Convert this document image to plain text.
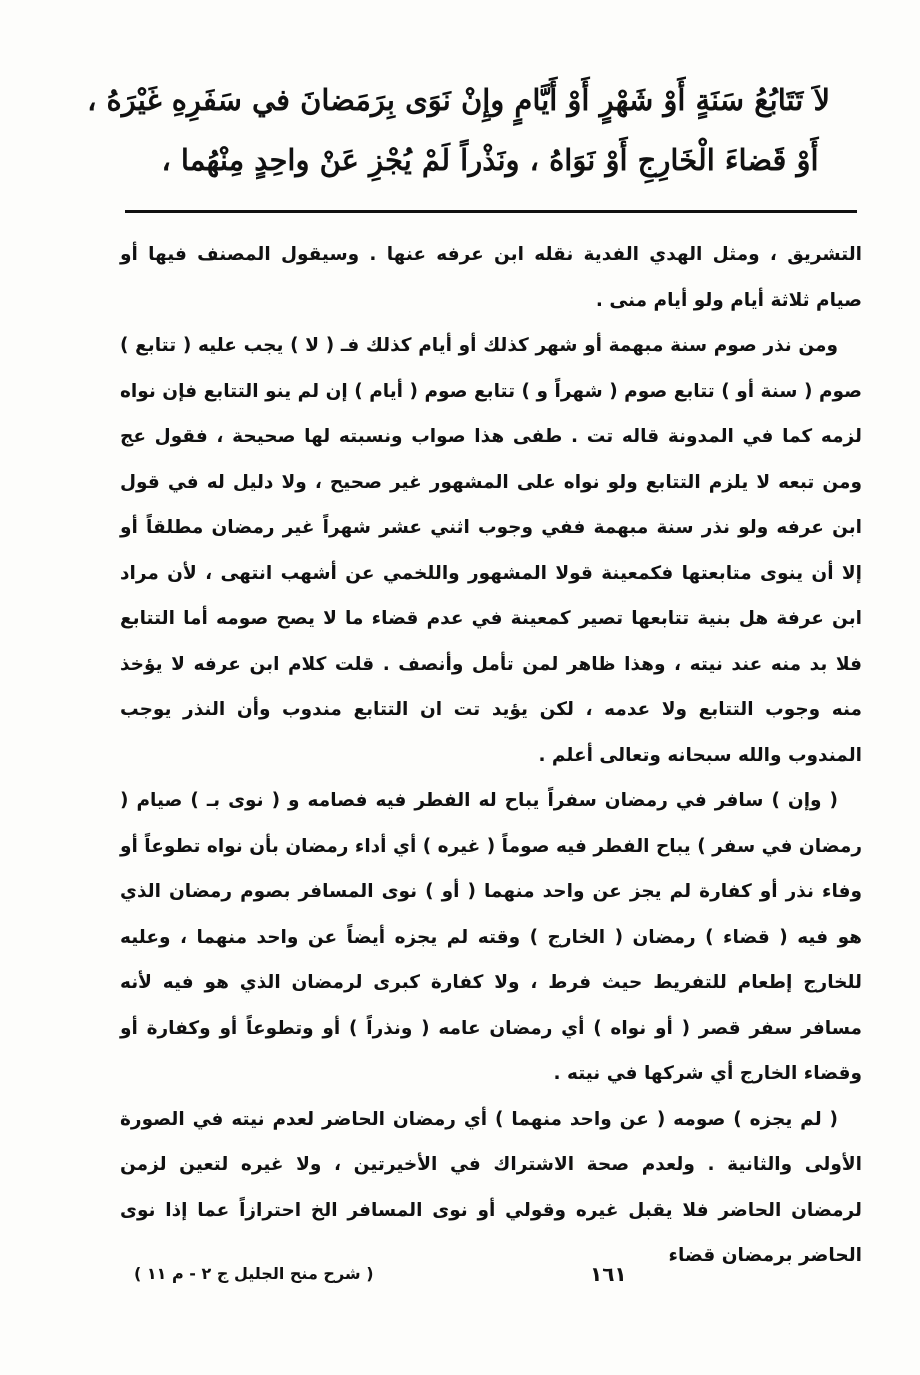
لاَ تَتَابُعُ سَنَةٍ أَوْ شَهْرٍ أَوْ أَيَّامٍ وإِنْ نَوَى بِرَمَضانَ في سَفَرِهِ غَيْرَهُ ،
أَوْ قَضاءَ الْخَارِجِ أَوْ نَوَاهُ ، ونَذْراً لَمْ يُجْزِ عَنْ واحِدٍ مِنْهُما ،

التشريق ، ومثل الهدي الفدية نقله ابن عرفه عنها . وسيقول المصنف فيها أو صيام ثلاثة أيام ولو أيام منى .

ومن نذر صوم سنة مبهمة أو شهر كذلك أو أيام كذلك فـ ( لا ) يجب عليه ( تتابع ) صوم ( سنة أو ) تتابع صوم ( شهراً و ) تتابع صوم ( أيام ) إن لم ينو التتابع فإن نواه لزمه كما في المدونة قاله تت . طفى هذا صواب ونسبته لها صحيحة ، فقول عج ومن تبعه لا يلزم التتابع ولو نواه على المشهور غير صحيح ، ولا دليل له في قول ابن عرفه ولو نذر سنة مبهمة ففي وجوب اثني عشر شهراً غير رمضان مطلقاً أو إلا أن ينوى متابعتها فكمعينة قولا المشهور واللخمي عن أشهب انتهى ، لأن مراد ابن عرفة هل بنية تتابعها تصير كمعينة في عدم قضاء ما لا يصح صومه أما التتابع فلا بد منه عند نيته ، وهذا ظاهر لمن تأمل وأنصف . قلت كلام ابن عرفه لا يؤخذ منه وجوب التتابع ولا عدمه ، لكن يؤيد تت ان التتابع مندوب وأن النذر يوجب المندوب والله سبحانه وتعالى أعلم .

( وإن ) سافر في رمضان سفراً يباح له الفطر فيه فصامه و ( نوى بـ ) صيام ( رمضان في سفر ) يباح الفطر فيه صوماً ( غيره ) أي أداء رمضان بأن نواه تطوعاً أو وفاء نذر أو كفارة لم يجز عن واحد منهما ( أو ) نوى المسافر بصوم رمضان الذي هو فيه ( قضاء ) رمضان ( الخارج ) وقته لم يجزه أيضاً عن واحد منهما ، وعليه للخارج إطعام للتفريط حيث فرط ، ولا كفارة كبرى لرمضان الذي هو فيه لأنه مسافر سفر قصر ( أو نواه ) أي رمضان عامه ( ونذراً ) أو وتطوعاً أو وكفارة أو وقضاء الخارج أي شركها في نيته .

( لم يجزه ) صومه ( عن واحد منهما ) أي رمضان الحاضر لعدم نيته في الصورة الأولى والثانية . ولعدم صحة الاشتراك في الأخيرتين ، ولا غيره لتعين لزمن لرمضان الحاضر فلا يقبل غيره وقولي أو نوى المسافر الخ احترازاً عما إذا نوى الحاضر برمضان قضاء

١٦١
( شرح منح الجليل ج ٢ - م ١١ )
